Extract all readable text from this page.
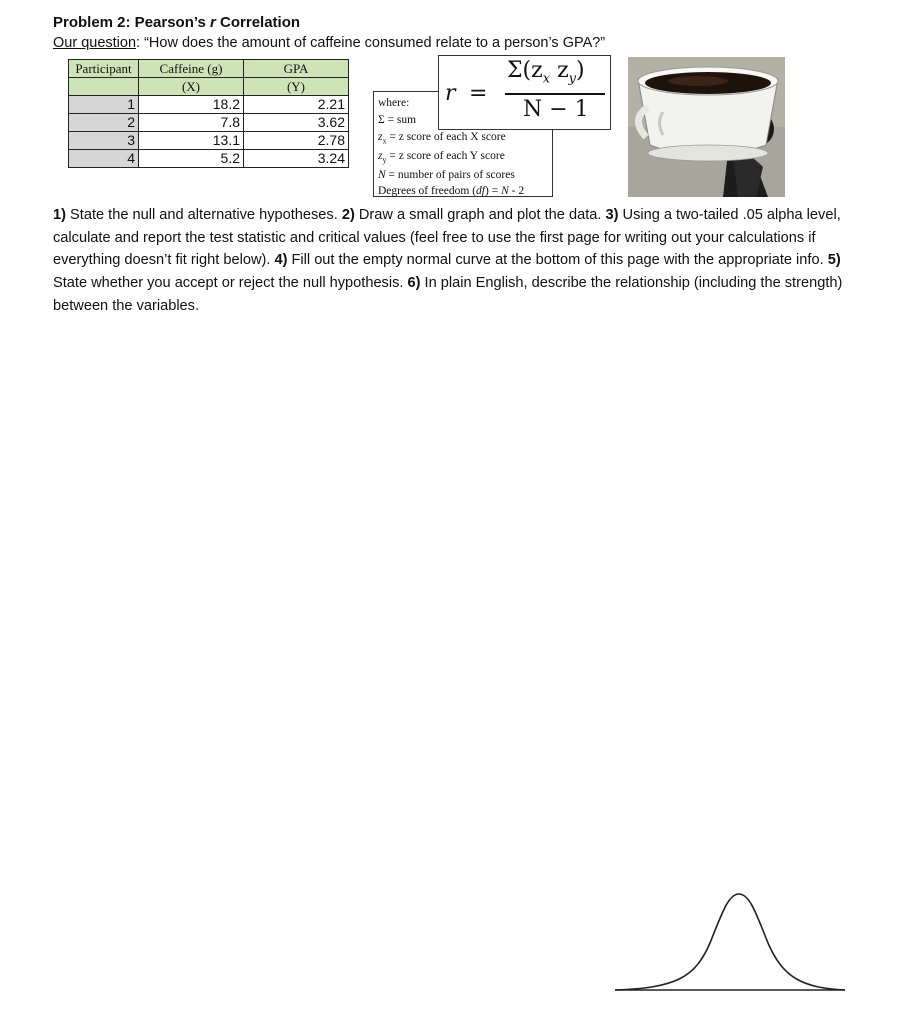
Problem 2: Pearson’s r Correlation
Our question: “How does the amount of caffeine consumed relate to a person’s GPA?”
Participant	Caffeine (g)	GPA
	(X)	(Y)
1	18.2	2.21
2	7.8	3.62
3	13.1	2.78
4	5.2	3.24
where:
Σ = sum
$z_x = z$ score of each X score
$z_y = z$ score of each Y score
N = number of pairs of scores
Degrees of freedom (df) = N - 2
r =
$\Sigma(z_x$ $z_y$)
N − 1
1) State the null and alternative hypotheses. 2) Draw a small graph and plot the data. 3) Using a two-tailed .05 alpha level, calculate and report the test statistic and critical values (feel free to use the first page for writing out your calculations if everything doesn’t fit right below). 4) Fill out the empty normal curve at the bottom of this page with the appropriate info. 5) State whether you accept or reject the null hypothesis. 6) In plain English, describe the relationship (including the strength) between the variables.
